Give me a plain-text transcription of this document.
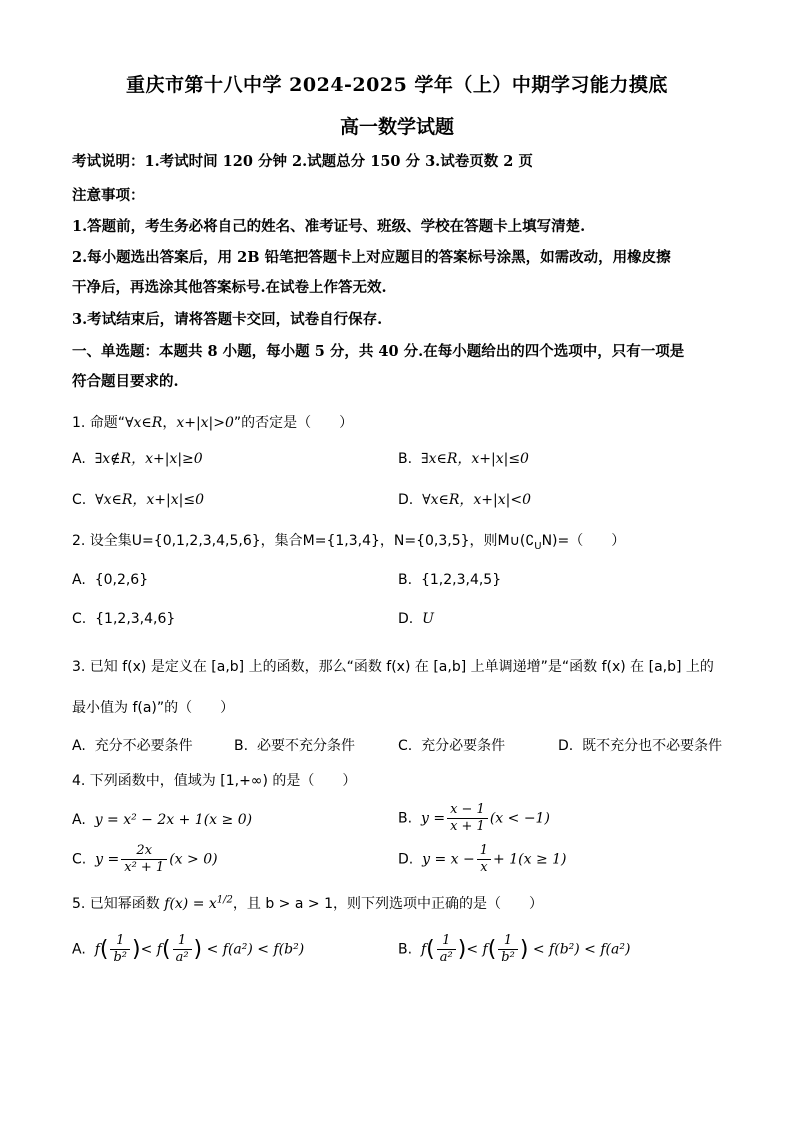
重庆市第十八中学 2024-2025 学年（上）中期学习能力摸底
高一数学试题
考试说明：1.考试时间 120 分钟 2.试题总分 150 分 3.试卷页数 2 页
注意事项：
1.答题前，考生务必将自己的姓名、准考证号、班级、学校在答题卡上填写清楚.
2.每小题选出答案后，用 2B 铅笔把答题卡上对应题目的答案标号涂黑，如需改动，用橡皮擦
干净后，再选涂其他答案标号.在试卷上作答无效.
3.考试结束后，请将答题卡交回，试卷自行保存.
一、单选题：本题共 8 小题，每小题 5 分，共 40 分.在每小题给出的四个选项中，只有一项是
符合题目要求的.
1. 命题“∀x∈R，x+|x|>0”的否定是（　　）
A. ∃x∉R，x+|x|≥0	B. ∃x∈R，x+|x|≤0
C. ∀x∈R，x+|x|≤0	D. ∀x∈R，x+|x|<0
2. 设全集U={0,1,2,3,4,5,6}，集合M={1,3,4}，N={0,3,5}，则$M\cup(∁_UN)=$（　　）
A. {0,2,6}	B. {1,2,3,4,5}
C. {1,2,3,4,6}	D. U
3. 已知 f(x) 是定义在 [a,b] 上的函数，那么“函数 f(x) 在 [a,b] 上单调递增”是“函数 f(x) 在 [a,b] 上的
最小值为 f(a)”的（　　）
A. 充分不必要条件	B. 必要不充分条件	C. 充分必要条件	D. 既不充分也不必要条件
4. 下列函数中，值域为 [1,+∞) 的是（　　）
A. y = x² − 2x + 1(x ≥ 0)	B. $y = \frac{x - 1}{x + 1} (x < -1)$
C. $y = \frac{2x}{\text{x² + 1}} (x > 0)$	D. $y = x - \frac{1}{x} + 1(x \ge 1)$
5. 已知幂函数 $f(x) = x^{1/2}$，且 b > a > 1，则下列选项中正确的是（　　）
A. $f( \frac{1}{\text{b²}}$ )< $f( \frac{1}{\text{a²}}$ ) < f(a²) < f(b²)	B. $f( \frac{1}{\text{a²}}$ )< $f( \frac{1}{\text{b²}}$ ) < f(b²) < f(a²)
